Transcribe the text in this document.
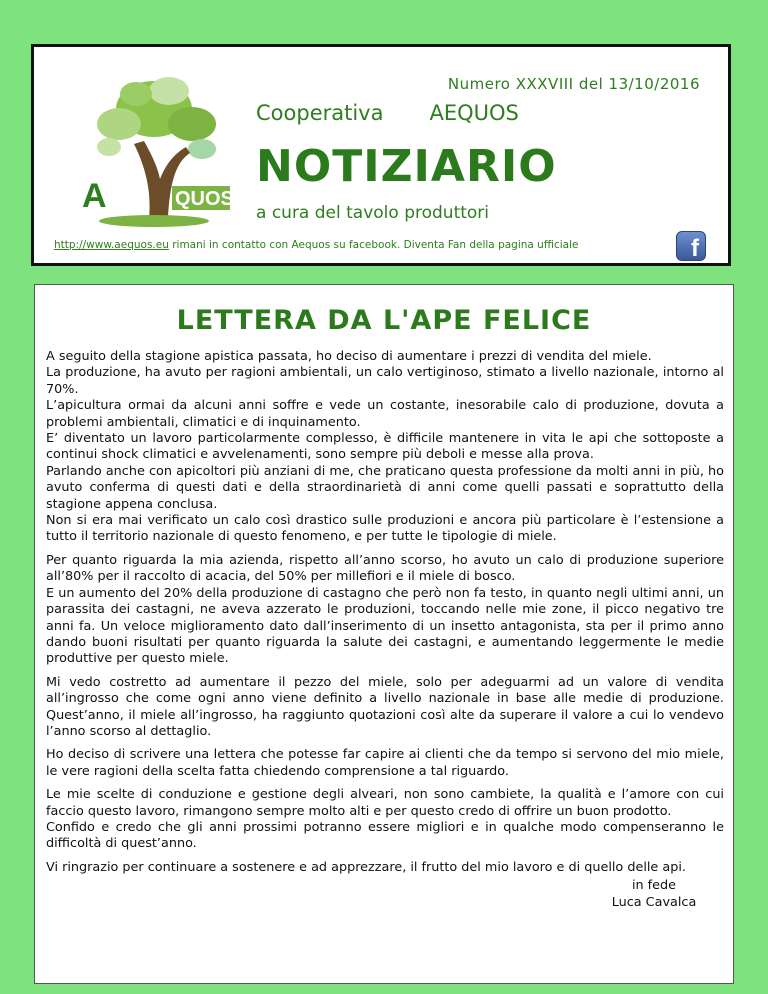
A	QUOS
Numero XXXVIII del 13/10/2016
Cooperativa AEQUOS
NOTIZIARIO
a cura del tavolo produttori
http://www.aequos.eu rimani in contatto con Aequos su facebook. Diventa Fan della pagina ufficiale	f
LETTERA DA L'APE FELICE

A seguito della stagione apistica passata, ho deciso di aumentare i prezzi di vendita del miele.

La produzione, ha avuto per ragioni ambientali, un calo vertiginoso, stimato a livello nazionale, intorno al 70%.

L’apicultura ormai da alcuni anni soffre e vede un costante, inesorabile calo di produzione, dovuta a problemi ambientali, climatici e di inquinamento.

E’ diventato un lavoro particolarmente complesso, è difficile mantenere in vita le api che sottoposte a continui shock climatici e avvelenamenti, sono sempre più deboli e messe alla prova.

Parlando anche con apicoltori più anziani di me, che praticano questa professione da molti anni in più, ho avuto conferma di questi dati e della straordinarietà di anni come quelli passati e soprattutto della stagione appena conclusa.

Non si era mai verificato un calo così drastico sulle produzioni e ancora più particolare è l’estensione a tutto il territorio nazionale di questo fenomeno, e per tutte le tipologie di miele.

Per quanto riguarda la mia azienda, rispetto all’anno scorso, ho avuto un calo di produzione superiore all’80% per il raccolto di acacia, del 50% per millefiori e il miele di bosco.

E un aumento del 20% della produzione di castagno che però non fa testo, in quanto negli ultimi anni, un parassita dei castagni, ne aveva azzerato le produzioni, toccando nelle mie zone, il picco negativo tre anni fa. Un veloce miglioramento dato dall’inserimento di un insetto antagonista, sta per il primo anno dando buoni risultati per quanto riguarda la salute dei castagni, e aumentando leggermente le medie produttive per questo miele.

Mi vedo costretto ad aumentare il pezzo del miele, solo per adeguarmi ad un valore di vendita all’ingrosso che come ogni anno viene definito a livello nazionale in base alle medie di produzione. Quest’anno, il miele all’ingrosso, ha raggiunto quotazioni così alte da superare il valore a cui lo vendevo l’anno scorso al dettaglio.

Ho deciso di scrivere una lettera che potesse far capire ai clienti che da tempo si servono del mio miele, le vere ragioni della scelta fatta chiedendo comprensione a tal riguardo.

Le mie scelte di conduzione e gestione degli alveari, non sono cambiete, la qualità e l’amore con cui faccio questo lavoro, rimangono sempre molto alti e per questo credo di offrire un buon prodotto.

Confido e credo che gli anni prossimi potranno essere migliori e in qualche modo compenseranno le difficoltà di quest’anno.

Vi ringrazio per continuare a sostenere e ad apprezzare, il frutto del mio lavoro e di quello delle api.

in fede
Luca Cavalca
